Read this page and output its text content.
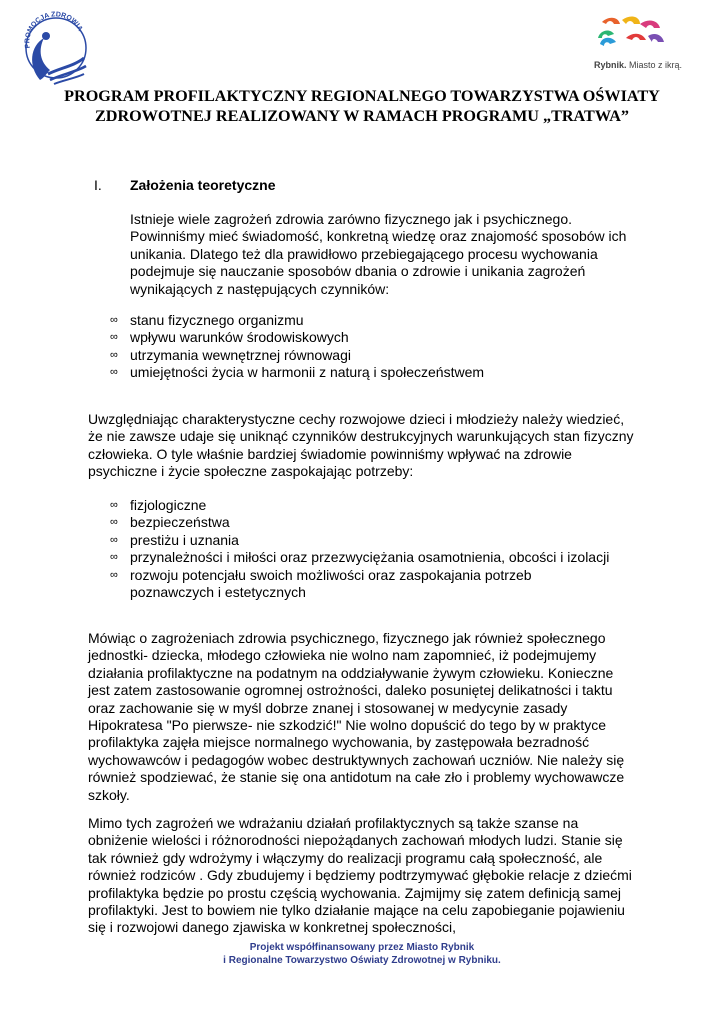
PROMOCJA ZDROWIA
Rybnik. Miasto z ikrą.
PROGRAM PROFILAKTYCZNY REGIONALNEGO TOWARZYSTWA OŚWIATY ZDROWOTNEJ REALIZOWANY W RAMACH PROGRAMU „TRATWA”
I. Założenia teoretyczne

Istnieje wiele zagrożeń zdrowia zarówno fizycznego jak i psychicznego. Powinniśmy mieć świadomość, konkretną wiedzę oraz znajomość sposobów ich unikania. Dlatego też dla prawidłowo przebiegającego procesu wychowania podejmuje się nauczanie sposobów dbania o zdrowie i unikania zagrożeń wynikających z następujących czynników:

∞ stanu fizycznego organizmu
∞ wpływu warunków środowiskowych
∞ utrzymania wewnętrznej równowagi
∞ umiejętności życia w harmonii z naturą i społeczeństwem

Uwzględniając charakterystyczne cechy rozwojowe dzieci i młodzieży należy wiedzieć, że nie zawsze udaje się uniknąć czynników destrukcyjnych warunkujących stan fizyczny człowieka. O tyle właśnie bardziej świadomie powinniśmy wpływać na zdrowie psychiczne i życie społeczne zaspokajając potrzeby:

∞ fizjologiczne
∞ bezpieczeństwa
∞ prestiżu i uznania
∞ przynależności i miłości oraz przezwyciężania osamotnienia, obcości i izolacji
∞ rozwoju potencjału swoich możliwości oraz zaspokajania potrzeb poznawczych i estetycznych

Mówiąc o zagrożeniach zdrowia psychicznego, fizycznego jak również społecznego jednostki- dziecka, młodego człowieka nie wolno nam zapomnieć, iż podejmujemy działania profilaktyczne na podatnym na oddziaływanie żywym człowieku. Konieczne jest zatem zastosowanie ogromnej ostrożności, daleko posuniętej delikatności i taktu oraz zachowanie się w myśl dobrze znanej i stosowanej w medycynie zasady Hipokratesa "Po pierwsze- nie szkodzić!" Nie wolno dopuścić do tego by w praktyce profilaktyka zajęła miejsce normalnego wychowania, by zastępowała bezradność wychowawców i pedagogów wobec destruktywnych zachowań uczniów. Nie należy się również spodziewać, że stanie się ona antidotum na całe zło i problemy wychowawcze szkoły.

Mimo tych zagrożeń we wdrażaniu działań profilaktycznych są także szanse na obniżenie wielości i różnorodności niepożądanych zachowań młodych ludzi. Stanie się tak również gdy wdrożymy i włączymy do realizacji programu całą społeczność, ale również rodziców . Gdy zbudujemy i będziemy podtrzymywać głębokie relacje z dziećmi profilaktyka będzie po prostu częścią wychowania. Zajmijmy się zatem definicją samej profilaktyki. Jest to bowiem nie tylko działanie mające na celu zapobieganie pojawieniu się i rozwojowi danego zjawiska w konkretnej społeczności,

Projekt współfinansowany przez Miasto Rybnik
i Regionalne Towarzystwo Oświaty Zdrowotnej w Rybniku.
